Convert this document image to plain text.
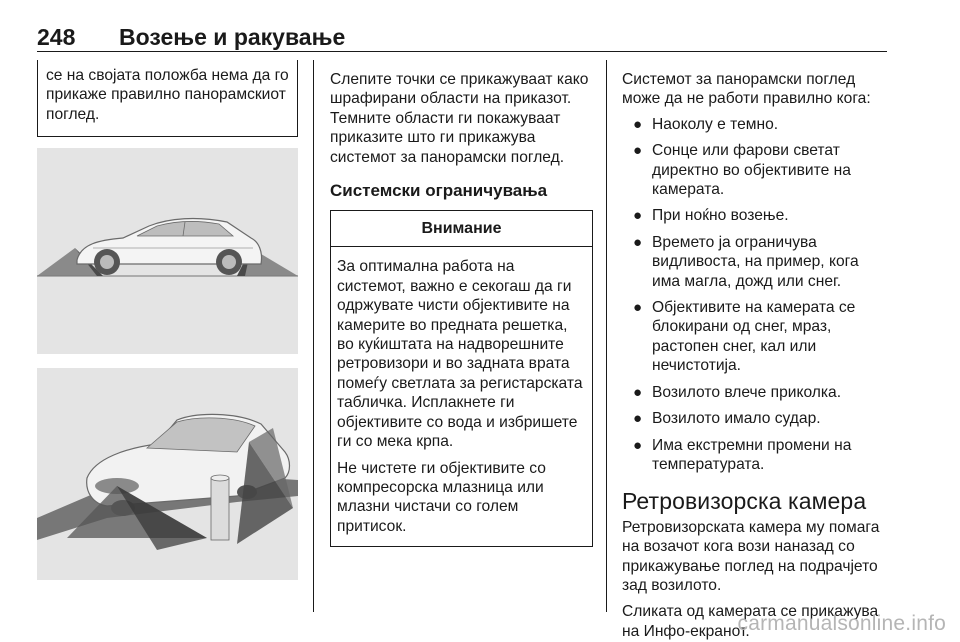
248 Возење и ракување

се на својата положба нема да го прикаже правилно панорамскиот поглед.

Слепите точки се прикажуваат како шрафирани области на приказот. Темните области ги покажуваат приказите што ги прикажува системот за панорамски поглед.

Системски ограничувања
Внимание

За оптимална работа на системот, важно е секогаш да ги одржувате чисти објективите на камерите во предната решетка, во куќиштата на надворешните ретровизори и во задната врата помеѓу светлата за регистарската табличка. Исплакнете ги објективите со вода и избришете ги со мека крпа.

Не чистете ги објективите со компресорска млазница или млазни чистачи со голем притисок.

Системот за панорамски поглед може да не работи правилно кога:

● Наоколу е темно.
● Сонце или фарови светат директно во објективите на камерата.
● При ноќно возење.
● Времето ја ограничува видливоста, на пример, кога има магла, дожд или снег.
● Објективите на камерата се блокирани од снег, мраз, растопен снег, кал или нечистотија.
● Возилото влече приколка.
● Возилото имало судар.
● Има екстремни промени на температурата.
Ретровизорска камера

Ретровизорската камера му помага на возачот кога вози наназад со прикажување поглед на подрачјето зад возилото.

Сликата од камерата се прикажува на Инфо-екранот.

carmanualsonline.info
